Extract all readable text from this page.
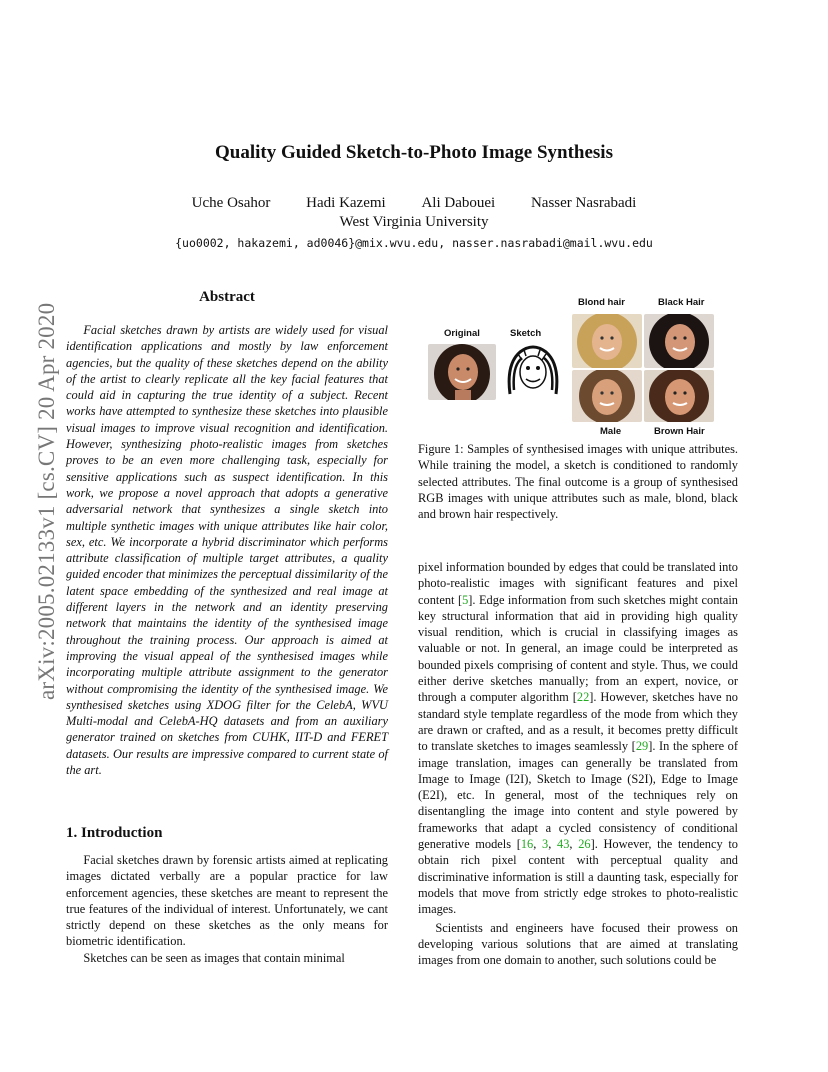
Quality Guided Sketch-to-Photo Image Synthesis
Uche Osahor Hadi Kazemi Ali Dabouei Nasser Nasrabadi
West Virginia University
{uo0002, hakazemi, ad0046}@mix.wvu.edu, nasser.nasrabadi@mail.wvu.edu
arXiv:2005.02133v1 [cs.CV] 20 Apr 2020
Abstract
Facial sketches drawn by artists are widely used for visual identification applications and mostly by law enforcement agencies, but the quality of these sketches depend on the ability of the artist to clearly replicate all the key facial features that could aid in capturing the true identity of a subject. Recent works have attempted to synthesize these sketches into plausible visual images to improve visual recognition and identification. However, synthesizing photo-realistic images from sketches proves to be an even more challenging task, especially for sensitive applications such as suspect identification. In this work, we propose a novel approach that adopts a generative adversarial network that synthesizes a single sketch into multiple synthetic images with unique attributes like hair color, sex, etc. We incorporate a hybrid discriminator which performs attribute classification of multiple target attributes, a quality guided encoder that minimizes the perceptual dissimilarity of the latent space embedding of the synthesized and real image at different layers in the network and an identity preserving network that maintains the identity of the synthesised image throughout the training process. Our approach is aimed at improving the visual appeal of the synthesised images while incorporating multiple attribute assignment to the generator without compromising the identity of the synthesised image. We synthesised sketches using XDOG filter for the CelebA, WVU Multi-modal and CelebA-HQ datasets and from an auxiliary generator trained on sketches from CUHK, IIT-D and FERET datasets. Our results are impressive compared to current state of the art.
1. Introduction

Facial sketches drawn by forensic artists aimed at replicating images dictated verbally are a popular practice for law enforcement agencies, these sketches are meant to represent the true features of the individual of interest. Unfortunately, we cant strictly depend on these sketches as the only means for biometric identification.

Sketches can be seen as images that contain minimal

Blond hair	Black Hair
Original	Sketch
Male	Brown Hair
Figure 1: Samples of synthesised images with unique attributes. While training the model, a sketch is conditioned to randomly selected attributes. The final outcome is a group of synthesised RGB images with unique attributes such as male, blond, black and brown hair respectively.

pixel information bounded by edges that could be translated into photo-realistic images with significant features and pixel content [5]. Edge information from such sketches might contain key structural information that aid in providing high quality visual rendition, which is crucial in classifying images as valuable or not. In general, an image could be interpreted as bounded pixels comprising of content and style. Thus, we could either derive sketches manually; from an expert, novice, or through a computer algorithm [22]. However, sketches have no standard style template regardless of the mode from which they are drawn or crafted, and as a result, it becomes pretty difficult to translate sketches to images seamlessly [29]. In the sphere of image translation, images can generally be translated from Image to Image (I2I), Sketch to Image (S2I), Edge to Image (E2I), etc. In general, most of the techniques rely on disentangling the image into content and style powered by frameworks that adapt a cycled consistency of conditional generative models [16, 3, 43, 26]. However, the tendency to obtain rich pixel content with perceptual quality and discriminative information is still a daunting task, especially for models that move from strictly edge strokes to photo-realistic images.

Scientists and engineers have focused their prowess on developing various solutions that are aimed at translating images from one domain to another, such solutions could be
